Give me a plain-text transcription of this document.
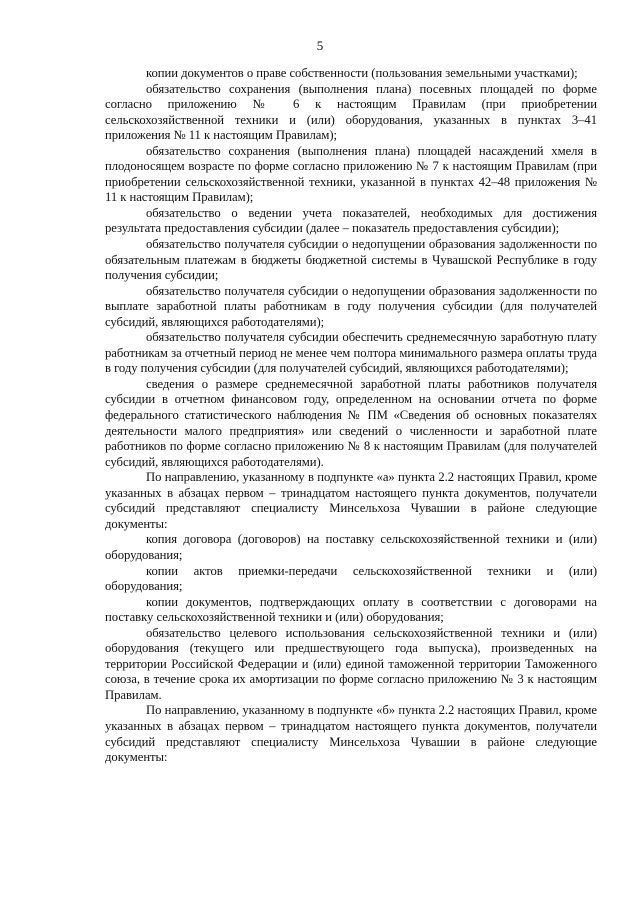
5

копии документов о праве собственности (пользования земельными участками);

обязательство сохранения (выполнения плана) посевных площадей по форме согласно приложению № 6 к настоящим Правилам (при приобретении сельскохозяйственной техники и (или) оборудования, указанных в пунктах 3–41 приложения № 11 к настоящим Правилам);

обязательство сохранения (выполнения плана) площадей насаждений хмеля в плодоносящем возрасте по форме согласно приложению № 7 к настоящим Правилам (при приобретении сельскохозяйственной техники, указанной в пунктах 42–48 приложения № 11 к настоящим Правилам);

обязательство о ведении учета показателей, необходимых для достижения результата предоставления субсидии (далее – показатель предоставления субсидии);

обязательство получателя субсидии о недопущении образования задолженности по обязательным платежам в бюджеты бюджетной системы в Чувашской Республике в году получения субсидии;

обязательство получателя субсидии о недопущении образования задолженности по выплате заработной платы работникам в году получения субсидии (для получателей субсидий, являющихся работодателями);

обязательство получателя субсидии обеспечить среднемесячную заработную плату работникам за отчетный период не менее чем полтора минимального размера оплаты труда в году получения субсидии (для получателей субсидий, являющихся работодателями);

сведения о размере среднемесячной заработной платы работников получателя субсидии в отчетном финансовом году, определенном на основании отчета по форме федерального статистического наблюдения № ПМ «Сведения об основных показателях деятельности малого предприятия» или сведений о численности и заработной плате работников по форме согласно приложению № 8 к настоящим Правилам (для получателей субсидий, являющихся работодателями).

По направлению, указанному в подпункте «а» пункта 2.2 настоящих Правил, кроме указанных в абзацах первом – тринадцатом настоящего пункта документов, получатели субсидий представляют специалисту Минсельхоза Чувашии в районе следующие документы:

копия договора (договоров) на поставку сельскохозяйственной техники и (или) оборудования;

копии актов приемки-передачи сельскохозяйственной техники и (или) оборудования;

копии документов, подтверждающих оплату в соответствии с договорами на поставку сельскохозяйственной техники и (или) оборудования;

обязательство целевого использования сельскохозяйственной техники и (или) оборудования (текущего или предшествующего года выпуска), произведенных на территории Российской Федерации и (или) единой таможенной территории Таможенного союза, в течение срока их амортизации по форме согласно приложению № 3 к настоящим Правилам.

По направлению, указанному в подпункте «б» пункта 2.2 настоящих Правил, кроме указанных в абзацах первом – тринадцатом настоящего пункта документов, получатели субсидий представляют специалисту Минсельхоза Чувашии в районе следующие документы:
